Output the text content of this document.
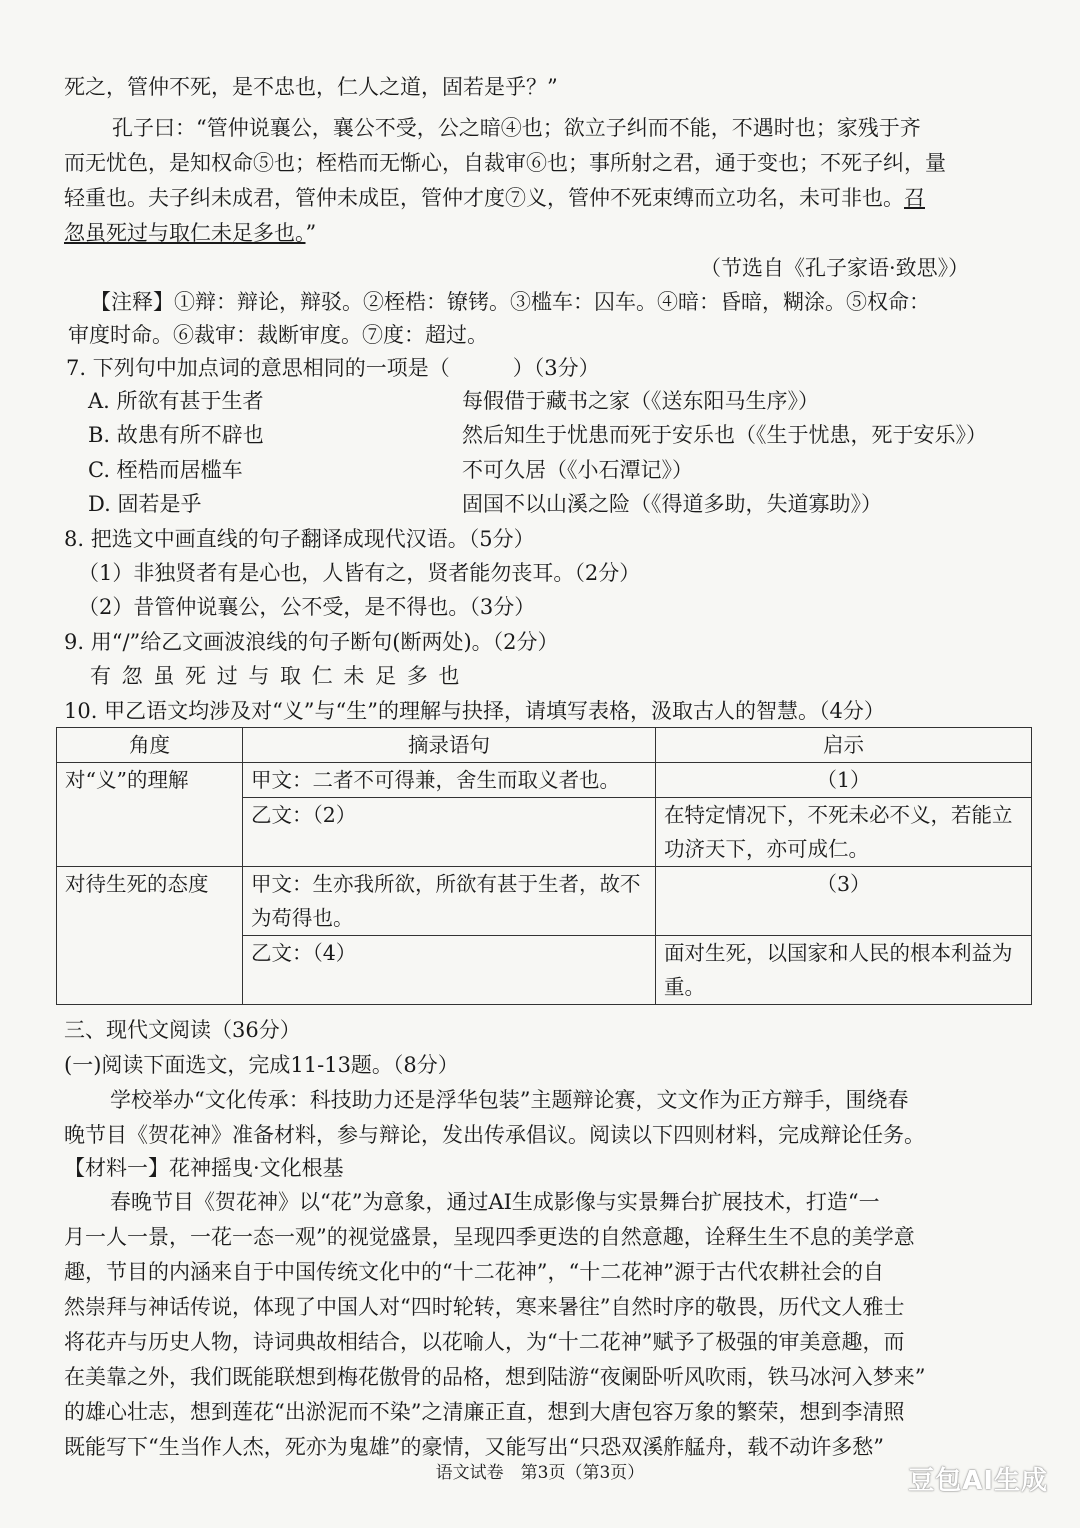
死之，管仲不死，是不忠也，仁人之道，固若是乎？”
孔子曰：“管仲说襄公，襄公不受，公之暗④也；欲立子纠而不能，不遇时也；家残于齐
而无忧色，是知权命⑤也；桎梏而无惭心，自裁审⑥也；事所射之君，通于变也；不死子纠，量
轻重也。夫子纠未成君，管仲未成臣，管仲才度⑦义，管仲不死束缚而立功名，未可非也。召
忽虽死过与取仁未足多也。”
（节选自《孔子家语·致思》）
【注释】①辩：辩论，辩驳。②桎梏：镣铐。③槛车：囚车。④暗：昏暗，糊涂。⑤权命：
审度时命。⑥裁审：裁断审度。⑦度：超过。
7. 下列句中加点词的意思相同的一项是（　　　）（3分）
A. 所欲有甚于生者	每假借于藏书之家（《送东阳马生序》）
B. 故患有所不辟也	然后知生于忧患而死于安乐也（《生于忧患，死于安乐》）
C. 桎梏而居槛车	不可久居（《小石潭记》）
D. 固若是乎	固国不以山溪之险（《得道多助，失道寡助》）
8. 把选文中画直线的句子翻译成现代汉语。（5分）
（1）非独贤者有是心也，人皆有之，贤者能勿丧耳。（2分）
（2）昔管仲说襄公，公不受，是不得也。（3分）
9. 用“/”给乙文画波浪线的句子断句(断两处)。（2分）
有 忽 虽 死 过 与 取 仁 未 足 多 也
10. 甲乙语文均涉及对“义”与“生”的理解与抉择，请填写表格，汲取古人的智慧。（4分）
角度	摘录语句	启示
对“义”的理解	甲文：二者不可得兼，舍生而取义者也。	（1）
	乙文：（2）	在特定情况下，不死未必不义，若能立功济天下，亦可成仁。
对待生死的态度	甲文：生亦我所欲，所欲有甚于生者，故不为苟得也。	（3）
	乙文：（4）	面对生死，以国家和人民的根本利益为重。
三、现代文阅读（36分）
(一)阅读下面选文，完成11-13题。（8分）
学校举办“文化传承：科技助力还是浮华包装”主题辩论赛，文文作为正方辩手，围绕春
晚节目《贺花神》准备材料，参与辩论，发出传承倡议。阅读以下四则材料，完成辩论任务。
【材料一】花神摇曳·文化根基
春晚节目《贺花神》以“花”为意象，通过AI生成影像与实景舞台扩展技术，打造“一
月一人一景，一花一态一观”的视觉盛景，呈现四季更迭的自然意趣，诠释生生不息的美学意
趣，节目的内涵来自于中国传统文化中的“十二花神”，“十二花神”源于古代农耕社会的自
然崇拜与神话传说，体现了中国人对“四时轮转，寒来暑往”自然时序的敬畏，历代文人雅士
将花卉与历史人物，诗词典故相结合，以花喻人，为“十二花神”赋予了极强的审美意趣，而
在美靠之外，我们既能联想到梅花傲骨的品格，想到陆游“夜阑卧听风吹雨，铁马冰河入梦来”
的雄心壮志，想到莲花“出淤泥而不染”之清廉正直，想到大唐包容万象的繁荣，想到李清照
既能写下“生当作人杰，死亦为鬼雄”的豪情，又能写出“只恐双溪舴艋舟，载不动许多愁”
语文试卷　第3页（第3页）	豆包AI生成
